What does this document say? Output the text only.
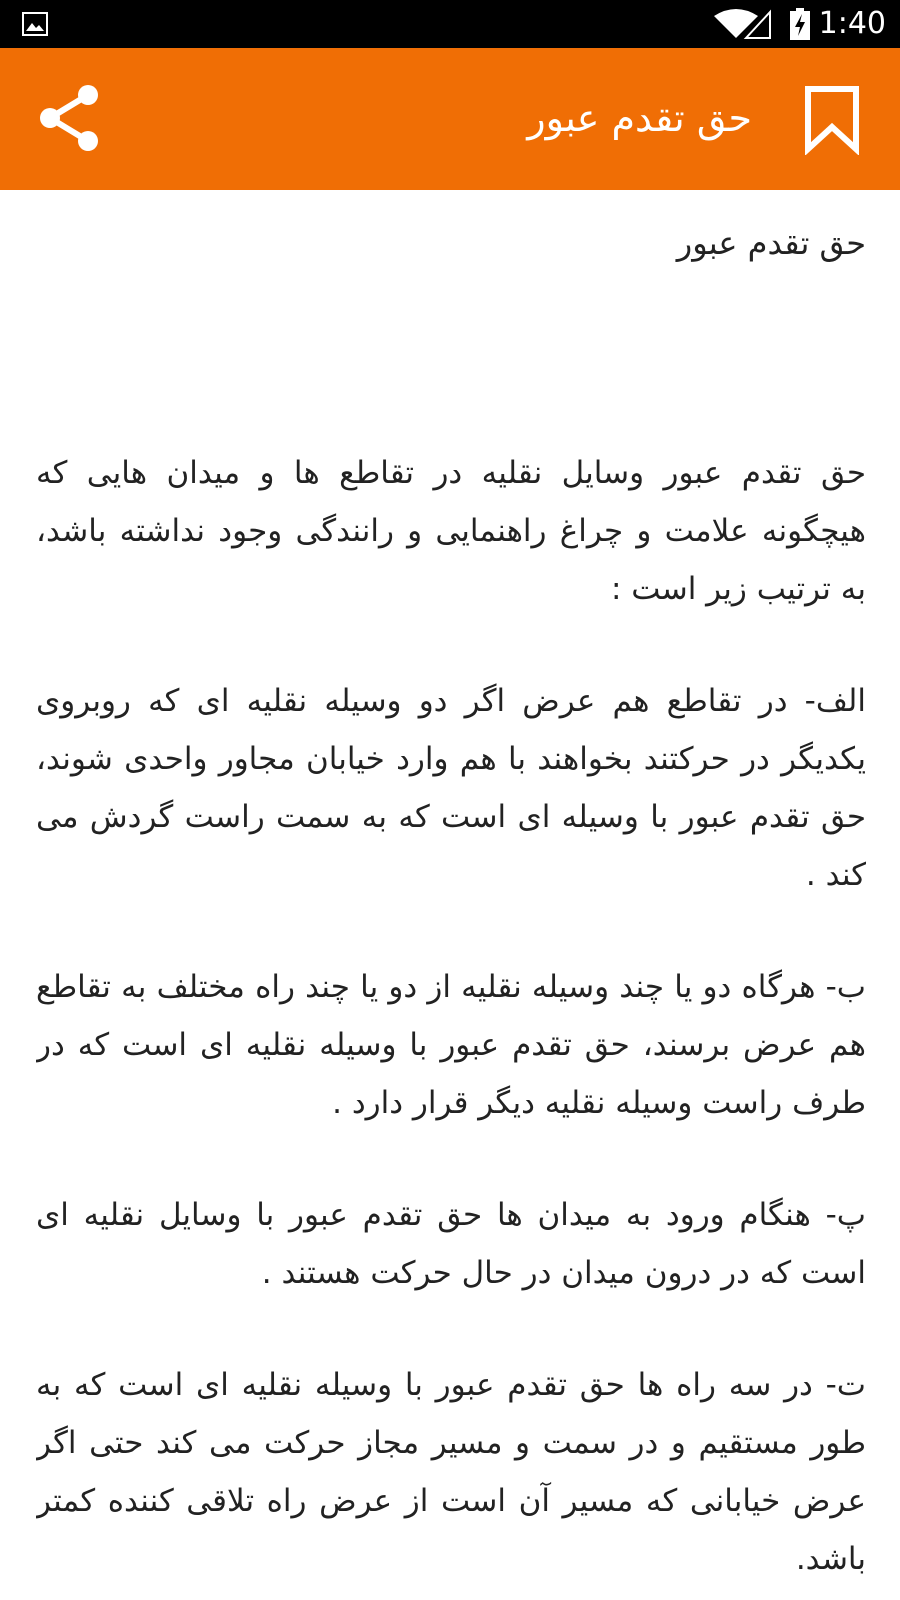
1:40
حق تقدم عبور
حق تقدم عبور

حق تقدم عبور وسایل نقلیه در تقاطع ها و میدان هایی که هیچگونه علامت و چراغ راهنمایی و رانندگی وجود نداشته باشد، به ترتیب زیر است :

الف- در تقاطع هم عرض اگر دو وسیله نقلیه ای که روبروی یکدیگر در حرکتند بخواهند با هم وارد خیابان مجاور واحدی شوند، حق تقدم عبور با وسیله ای است که به سمت راست گردش می کند .

ب- هرگاه دو یا چند وسیله نقلیه از دو یا چند راه مختلف به تقاطع هم عرض برسند، حق تقدم عبور با وسیله نقلیه ای است که در طرف راست وسیله نقلیه دیگر قرار دارد .

پ- هنگام ورود به میدان ها حق تقدم عبور با وسایل نقلیه ای است که در درون میدان در حال حرکت هستند .

ت- در سه راه ها حق تقدم عبور با وسیله نقلیه ای است که به طور مستقیم و در سمت و مسیر مجاز حرکت می کند حتی اگر عرض خیابانی که مسیر آن است از عرض راه تلاقی کننده کمتر باشد.
